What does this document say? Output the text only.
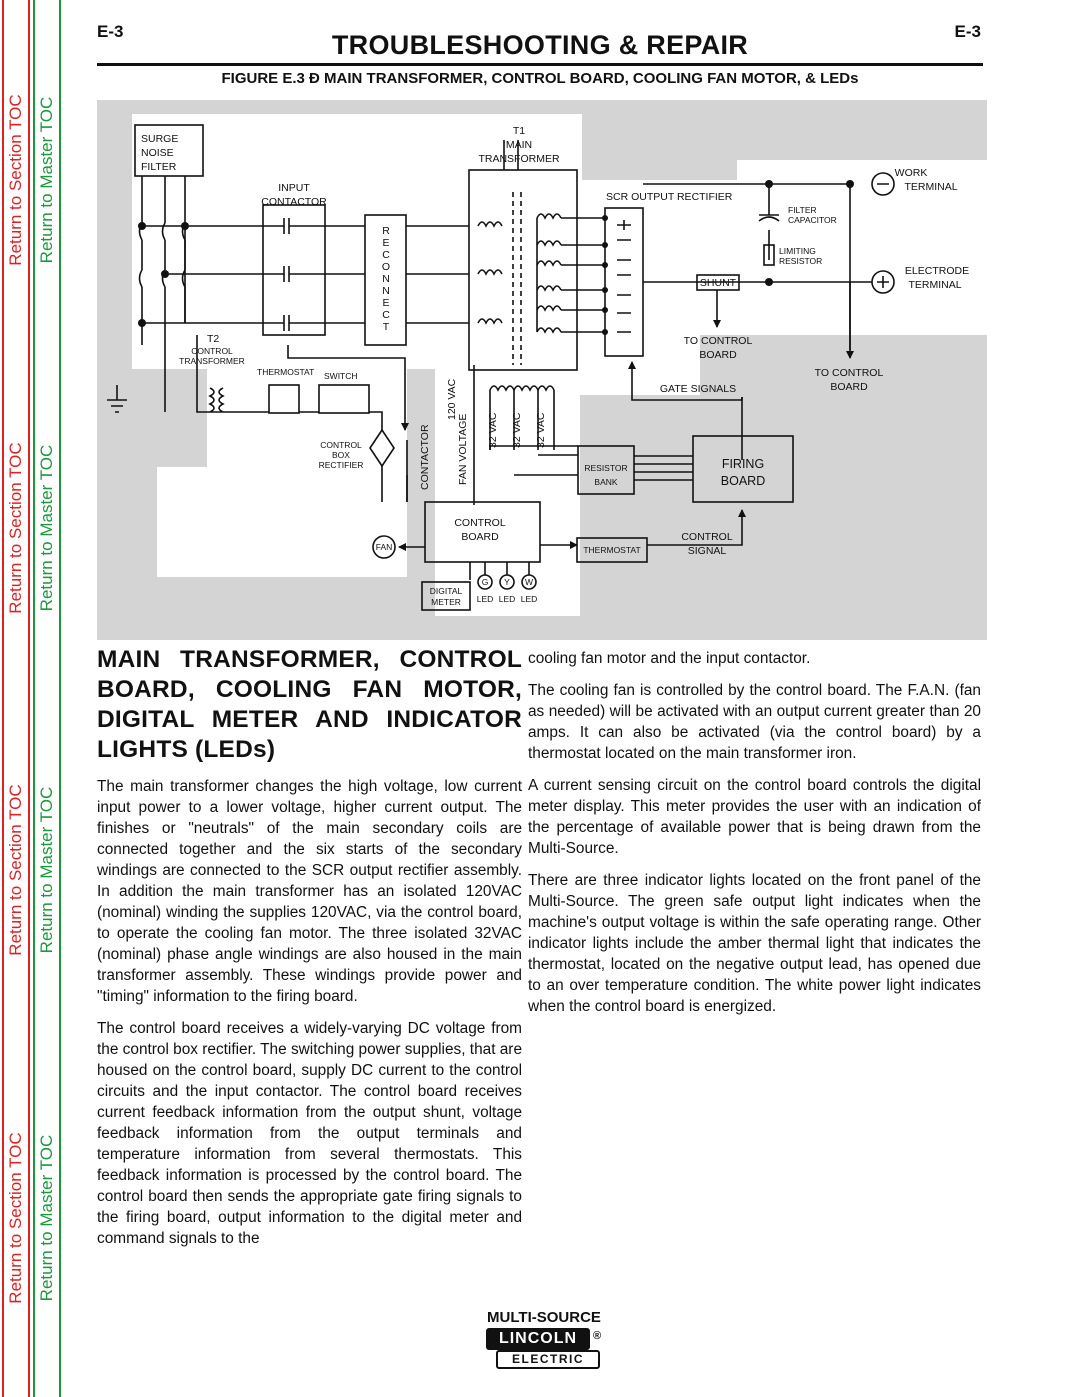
Return to Section TOC
Return to Section TOC
Return to Section TOC
Return to Section TOC
Return to Master TOC
Return to Master TOC
Return to Master TOC
Return to Master TOC
E-3	E-3
TROUBLESHOOTING & REPAIR
FIGURE E.3 Ð MAIN TRANSFORMER, CONTROL BOARD, COOLING FAN MOTOR, & LEDs
SURGE
NOISE
FILTER
INPUT
CONTACTOR
T1
MAIN
TRANSFORMER
T2
SCR OUTPUT RECTIFIER
WORK
TERMINAL
ELECTRODE
TERMINAL
SHUNT
TO CONTROL
BOARD
TO CONTROL
BOARD
GATE SIGNALS
CONTROL
BOARD	CONTROL
SIGNAL
FILTER
CAPACITOR
LIMITING
RESISTOR
CONTROL
TRANSFORMER
THERMOSTAT SWITCH
CONTROL
BOX
RECTIFIER
FAN	THERMOSTAT
DIGITAL
METER
G Y W
LED LED LED
RESISTOR
BANK
FIRING
BOARD
R
E
C
O
N
N
E
C
T
CONTACTOR FAN VOLTAGE
120 VAC
32 VAC 32 VAC 32 VAC
MAIN TRANSFORMER, CONTROL BOARD, COOLING FAN MOTOR, DIGITAL METER AND INDICATOR LIGHTS (LEDs)

The main transformer changes the high voltage, low current input power to a lower voltage, higher current output. The finishes or "neutrals" of the main secondary coils are connected together and the six starts of the secondary windings are connected to the SCR output rectifier assembly. In addition the main transformer has an isolated 120VAC (nominal) winding the supplies 120VAC, via the control board, to operate the cooling fan motor. The three isolated 32VAC (nominal) phase angle windings are also housed in the main transformer assembly. These windings provide power and "timing" information to the firing board.

The control board receives a widely-varying DC voltage from the control box rectifier. The switching power supplies, that are housed on the control board, supply DC current to the control circuits and the input contactor. The control board receives current feedback information from the output shunt, voltage feedback information from the output terminals and temperature information from several thermostats. This feedback information is processed by the control board. The control board then sends the appropriate gate firing signals to the firing board, output information to the digital meter and command signals to the

cooling fan motor and the input contactor.

The cooling fan is controlled by the control board. The F.A.N. (fan as needed) will be activated with an output current greater than 20 amps. It can also be activated (via the control board) by a thermostat located on the main transformer iron.

A current sensing circuit on the control board controls the digital meter display. This meter provides the user with an indication of the percentage of available power that is being drawn from the Multi-Source.

There are three indicator lights located on the front panel of the Multi-Source. The green safe output light indicates when the machine's output voltage is within the safe operating range. Other indicator lights include the amber thermal light that indicates the thermostat, located on the negative output lead, has opened due to an over temperature condition. The white power light indicates when the control board is energized.

MULTI-SOURCE
LINCOLN
ELECTRIC
®
